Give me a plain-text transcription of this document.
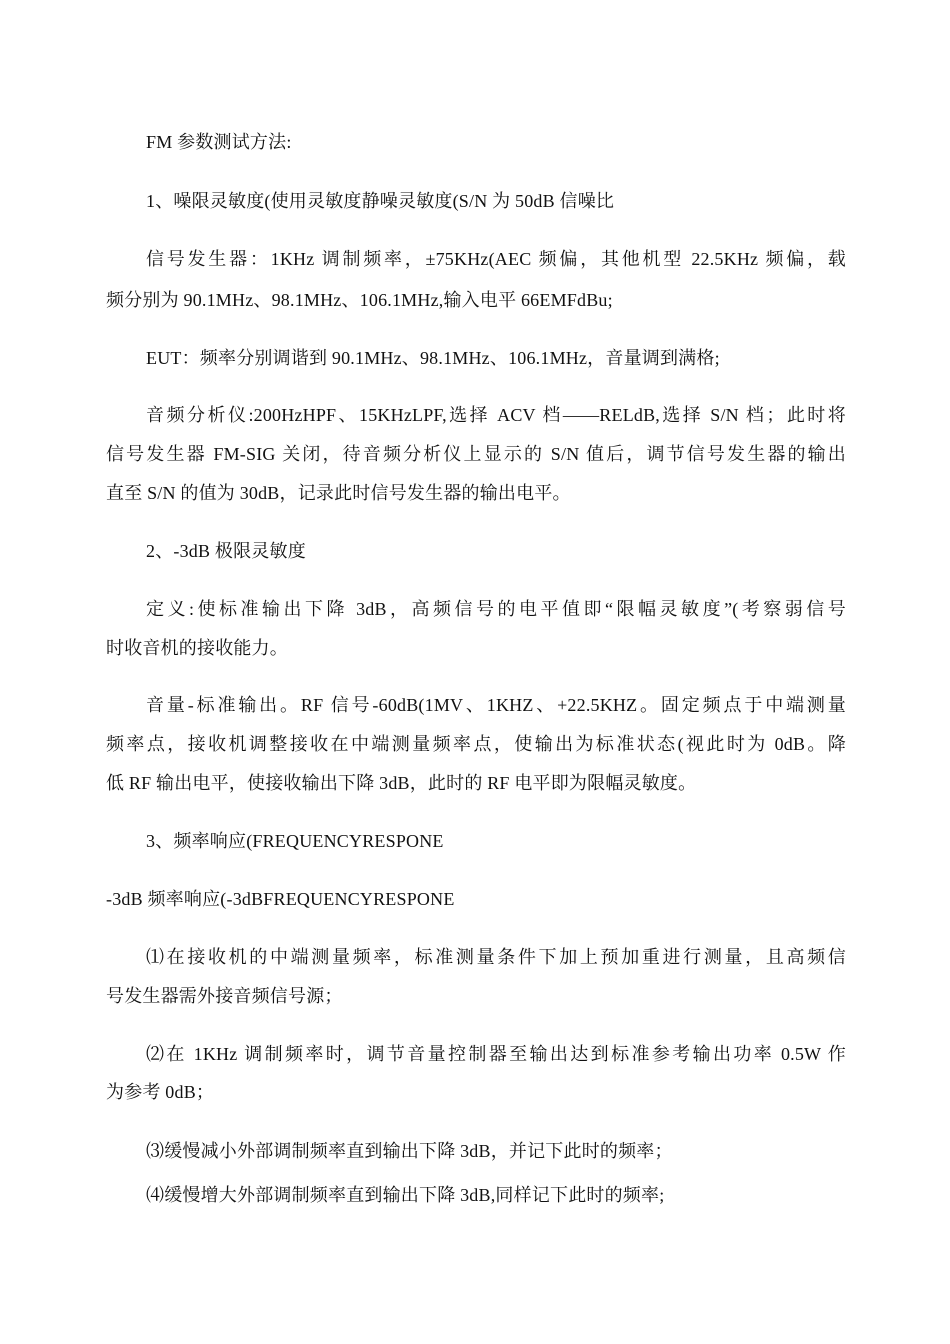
FM 参数测试方法:
1、噪限灵敏度(使用灵敏度静噪灵敏度(S/N 为 50dB 信噪比
信号发生器：1KHz 调制频率，±75KHz(AEC 频偏，其他机型 22.5KHz 频偏，载
频分别为 90.1MHz、98.1MHz、106.1MHz,输入电平 66EMFdBu;
EUT：频率分别调谐到 90.1MHz、98.1MHz、106.1MHz，音量调到满格;
音频分析仪:200HzHPF、15KHzLPF,选择 ACV 档——RELdB,选择 S/N 档；此时将
信号发生器 FM-SIG 关闭，待音频分析仪上显示的 S/N 值后，调节信号发生器的输出
直至 S/N 的值为 30dB，记录此时信号发生器的输出电平。
2、-3dB 极限灵敏度
定义:使标准输出下降 3dB，高频信号的电平值即“限幅灵敏度”(考察弱信号
时收音机的接收能力。
音量-标准输出。RF 信号-60dB(1MV、1KHZ、+22.5KHZ。固定频点于中端测量
频率点，接收机调整接收在中端测量频率点，使输出为标准状态(视此时为 0dB。降
低 RF 输出电平，使接收输出下降 3dB，此时的 RF 电平即为限幅灵敏度。
3、频率响应(FREQUENCYRESPONE
-3dB 频率响应(-3dBFREQUENCYRESPONE
⑴在接收机的中端测量频率，标准测量条件下加上预加重进行测量，且高频信
号发生器需外接音频信号源；
⑵在 1KHz 调制频率时，调节音量控制器至输出达到标准参考输出功率 0.5W 作
为参考 0dB；
⑶缓慢减小外部调制频率直到输出下降 3dB，并记下此时的频率；
⑷缓慢增大外部调制频率直到输出下降 3dB,同样记下此时的频率;
